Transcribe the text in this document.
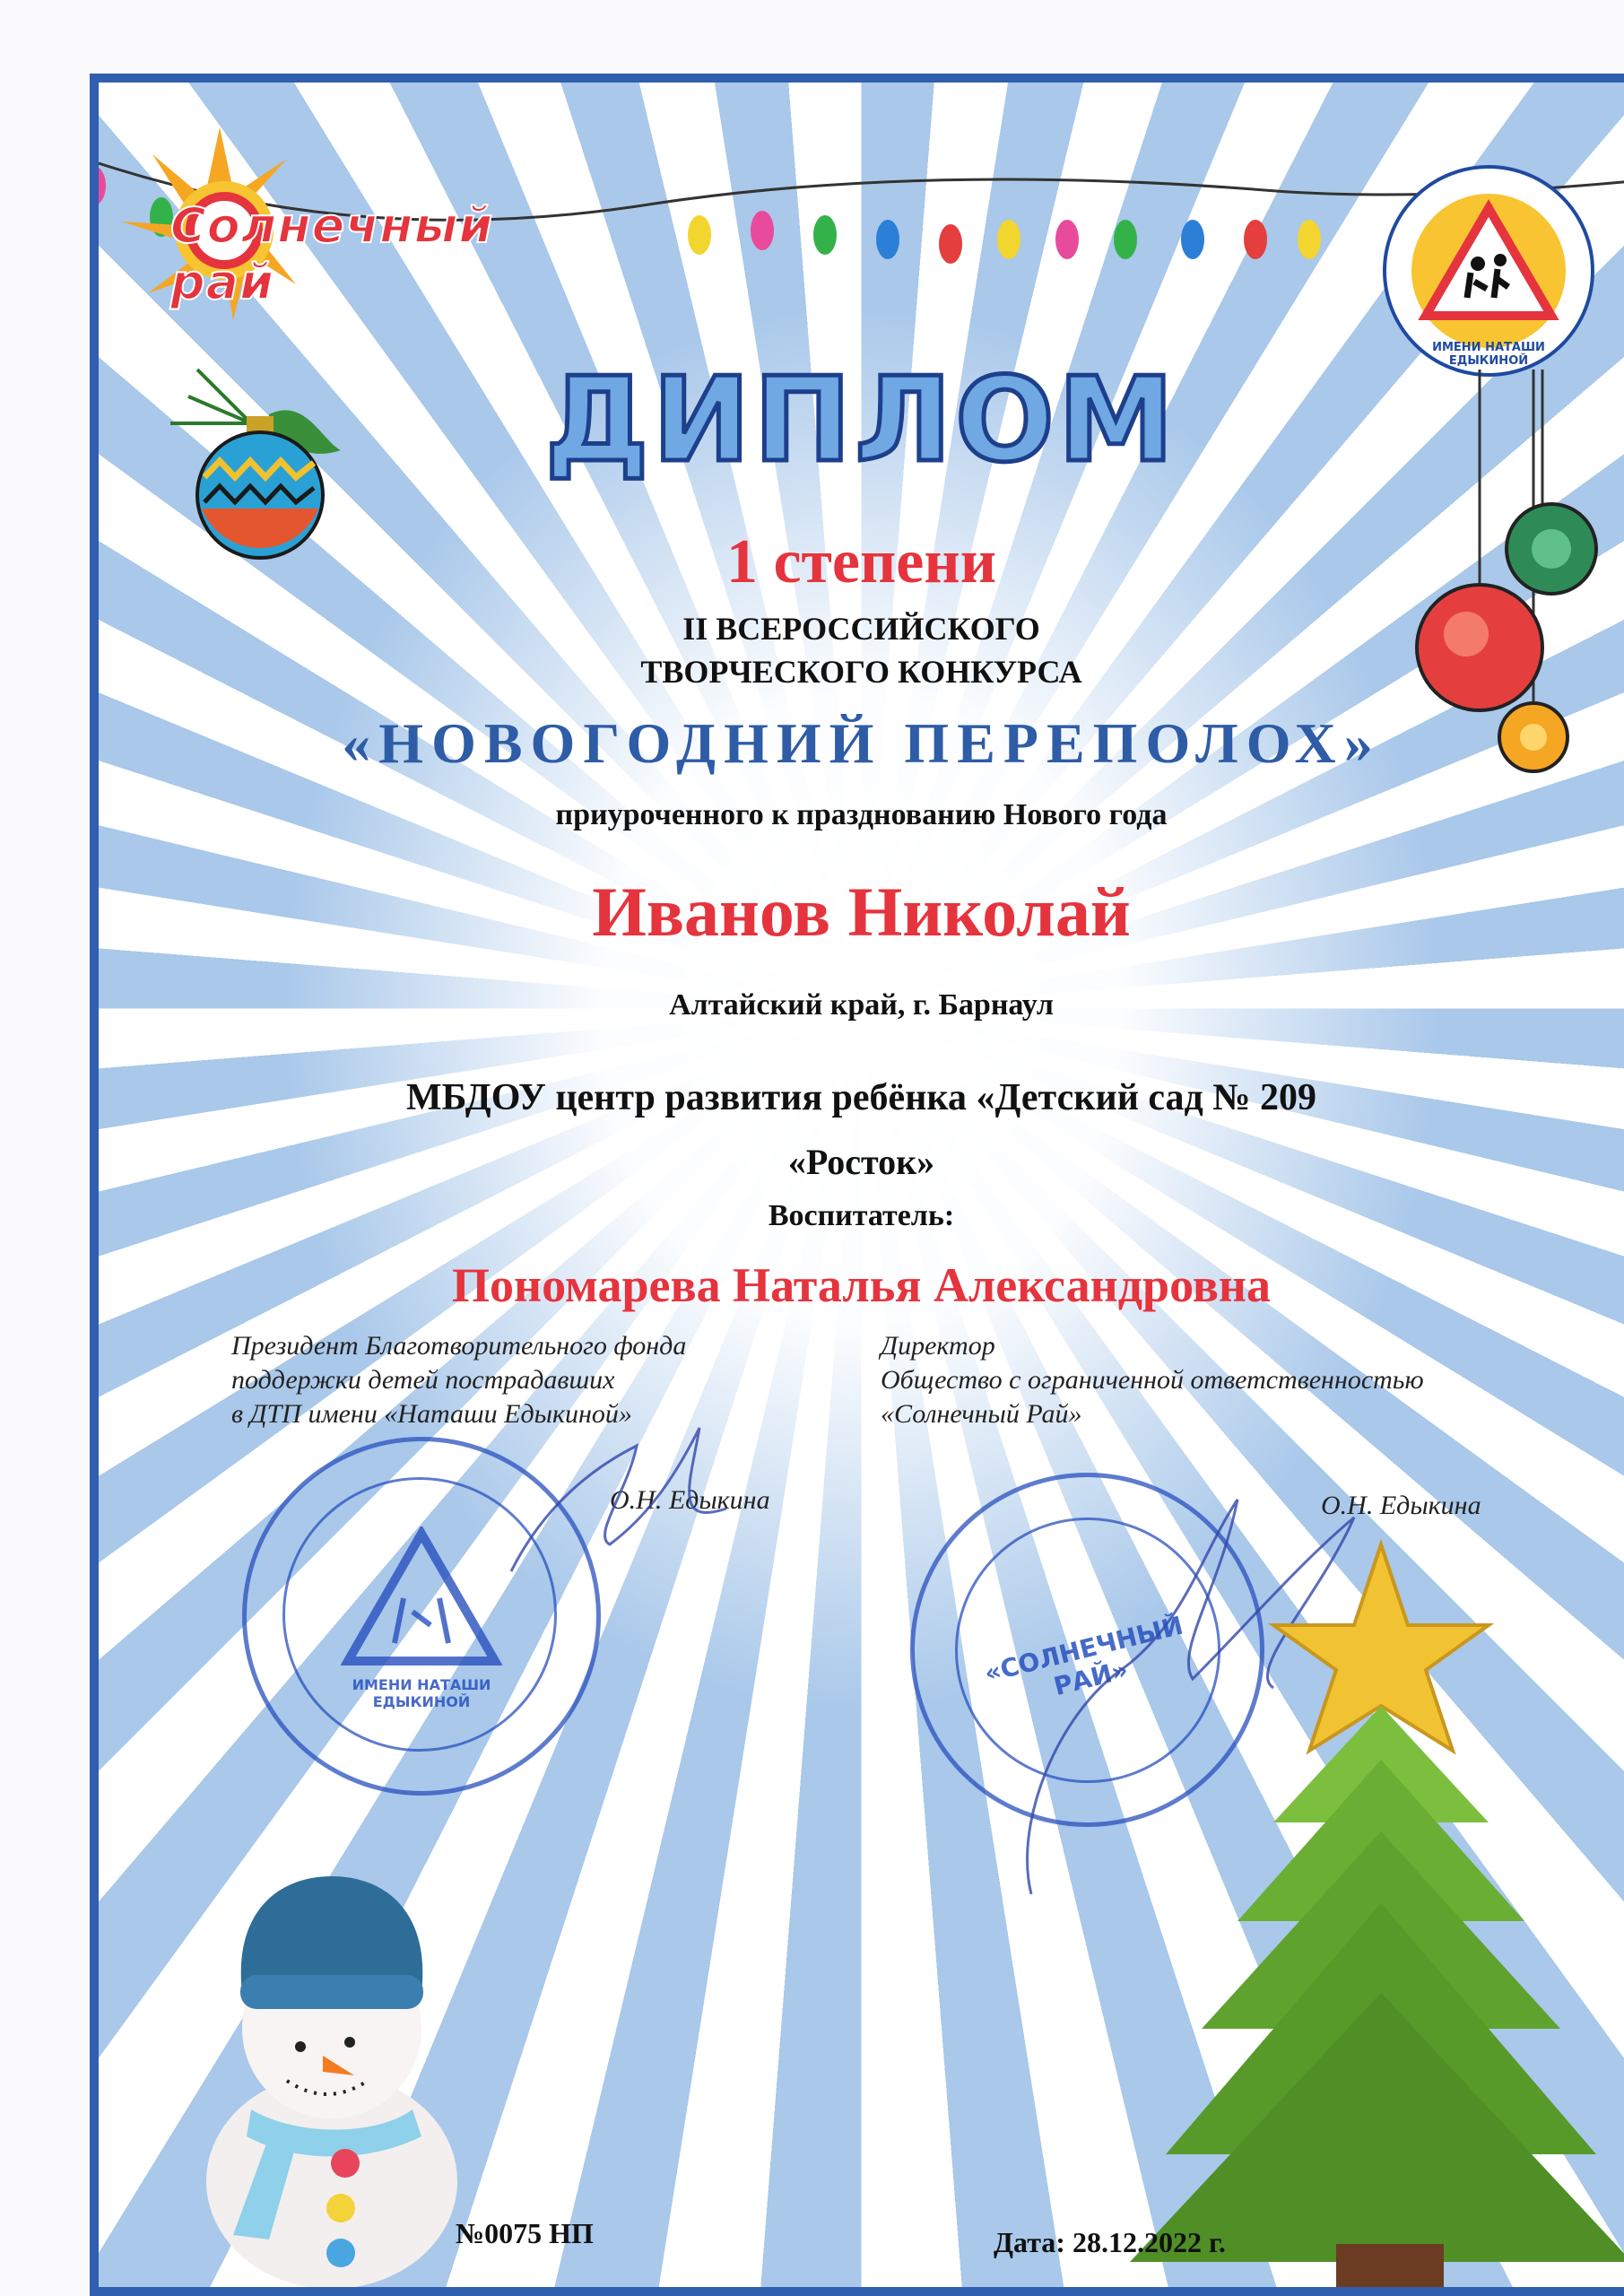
Солнечный рай
ИМЕНИ НАТАШИ ЕДЫКИНОЙ
ДИПЛОМ
1 степени
II ВСЕРОССИЙСКОГО
ТВОРЧЕСКОГО КОНКУРСА
«НОВОГОДНИЙ ПЕРЕПОЛОХ»
приуроченного к празднованию Нового года
Иванов Николай
Алтайский край, г. Барнаул
МБДОУ центр развития ребёнка «Детский сад № 209
«Росток»
Воспитатель:
Пономарева Наталья Александровна
Президент Благотворительного фонда
поддержки детей пострадавших
в ДТП имени «Наташи Едыкиной»
О.Н. Едыкина
Директор
Общество с ограниченной ответственностью
«Солнечный Рай»
О.Н. Едыкина
ИМЕНИ НАТАШИ
ЕДЫКИНОЙ
«СОЛНЕЧНЫЙ РАЙ»
№0075 НП	Дата: 28.12.2022 г.
